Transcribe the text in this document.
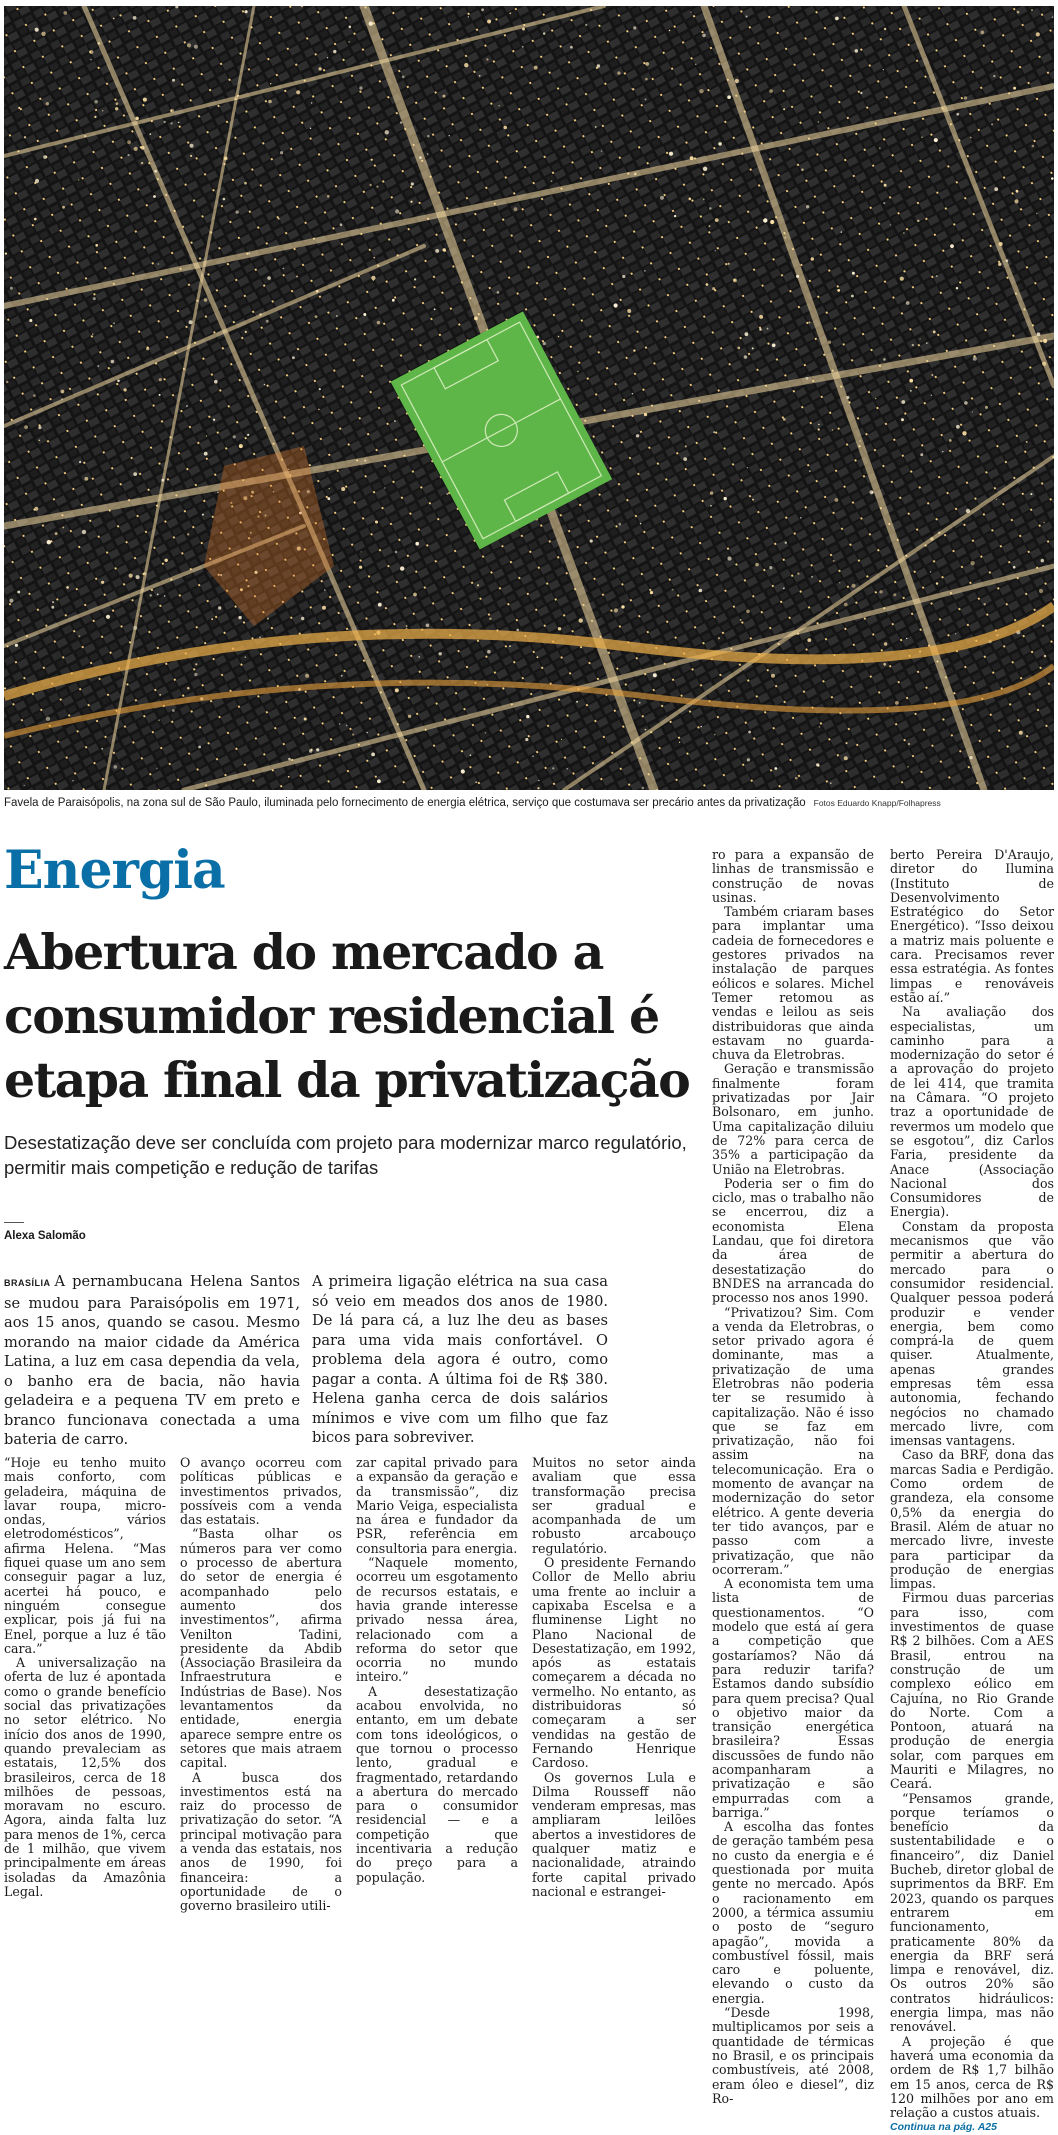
Favela de Paraisópolis, na zona sul de São Paulo, iluminada pelo fornecimento de energia elétrica, serviço que costumava ser precário antes da privatização Fotos Eduardo Knapp/Folhapress
Energia
Abertura do mercado a consumidor residencial é etapa final da privatização
Desestatização deve ser concluída com projeto para modernizar marco regulatório, permitir mais competição e redução de tarifas
Alexa Salomão
BRASÍLIA A pernambucana Helena Santos se mudou para Paraisópolis em 1971, aos 15 anos, quando se casou. Mesmo morando na maior cidade da América Latina, a luz em casa dependia da vela, o banho era de bacia, não havia geladeira e a pequena TV em preto e branco funcionava conectada a uma bateria de carro.
A primeira ligação elétrica na sua casa só veio em meados dos anos de 1980. De lá para cá, a luz lhe deu as bases para uma vida mais confortável. O problema dela agora é outro, como pagar a conta. A última foi de R$ 380. Helena ganha cerca de dois salários mínimos e vive com um filho que faz bicos para sobreviver.

“Hoje eu tenho muito mais conforto, com geladeira, máquina de lavar roupa, micro-ondas, vários eletrodomésticos”, afirma Helena. “Mas fiquei quase um ano sem conseguir pagar a luz, acertei há pouco, e ninguém consegue explicar, pois já fui na Enel, porque a luz é tão cara.”

A universalização na oferta de luz é apontada como o grande benefício social das privatizações no setor elétrico. No início dos anos de 1990, quando prevaleciam as estatais, 12,5% dos brasileiros, cerca de 18 milhões de pessoas, moravam no escuro. Agora, ainda falta luz para menos de 1%, cerca de 1 milhão, que vivem principalmente em áreas isoladas da Amazônia Legal.

O avanço ocorreu com políticas públicas e investimentos privados, possíveis com a venda das estatais.

“Basta olhar os números para ver como o processo de abertura do setor de energia é acompanhado pelo aumento dos investimentos”, afirma Venilton Tadini, presidente da Abdib (Associação Brasileira da Infraestrutura e Indústrias de Base). Nos levantamentos da entidade, energia aparece sempre entre os setores que mais atraem capital.

A busca dos investimentos está na raiz do processo de privatização do setor. “A principal motivação para a venda das estatais, nos anos de 1990, foi financeira: a oportunidade de o governo brasileiro utili-

zar capital privado para a expansão da geração e da transmissão”, diz Mario Veiga, especialista na área e fundador da PSR, referência em consultoria para energia.

“Naquele momento, ocorreu um esgotamento de recursos estatais, e havia grande interesse privado nessa área, relacionado com a reforma do setor que ocorria no mundo inteiro.”

A desestatização acabou envolvida, no entanto, em um debate com tons ideológicos, o que tornou o processo lento, gradual e fragmentado, retardando a abertura do mercado para o consumidor residencial — e a competição que incentivaria a redução do preço para a população.

Muitos no setor ainda avaliam que essa transformação precisa ser gradual e acompanhada de um robusto arcabouço regulatório.

O presidente Fernando Collor de Mello abriu uma frente ao incluir a capixaba Escelsa e a fluminense Light no Plano Nacional de Desestatização, em 1992, após as estatais começarem a década no vermelho. No entanto, as distribuidoras só começaram a ser vendidas na gestão de Fernando Henrique Cardoso.

Os governos Lula e Dilma Rousseff não venderam empresas, mas ampliaram leilões abertos a investidores de qualquer matiz e nacionalidade, atraindo forte capital privado nacional e estrangei-

ro para a expansão de linhas de transmissão e construção de novas usinas.

Também criaram bases para implantar uma cadeia de fornecedores e gestores privados na instalação de parques eólicos e solares. Michel Temer retomou as vendas e leilou as seis distribuidoras que ainda estavam no guarda-chuva da Eletrobras.

Geração e transmissão finalmente foram privatizadas por Jair Bolsonaro, em junho. Uma capitalização diluiu de 72% para cerca de 35% a participação da União na Eletrobras.

Poderia ser o fim do ciclo, mas o trabalho não se encerrou, diz a economista Elena Landau, que foi diretora da área de desestatização do BNDES na arrancada do processo nos anos 1990.

“Privatizou? Sim. Com a venda da Eletrobras, o setor privado agora é dominante, mas a privatização de uma Eletrobras não poderia ter se resumido à capitalização. Não é isso que se faz em privatização, não foi assim na telecomunicação. Era o momento de avançar na modernização do setor elétrico. A gente deveria ter tido avanços, par e passo com a privatização, que não ocorreram.”

A economista tem uma lista de questionamentos. “O modelo que está aí gera a competição que gostaríamos? Não dá para reduzir tarifa? Estamos dando subsídio para quem precisa? Qual o objetivo maior da transição energética brasileira? Essas discussões de fundo não acompanharam a privatização e são empurradas com a barriga.”

A escolha das fontes de geração também pesa no custo da energia e é questionada por muita gente no mercado. Após o racionamento em 2000, a térmica assumiu o posto de “seguro apagão”, movida a combustível fóssil, mais caro e poluente, elevando o custo da energia.

“Desde 1998, multiplicamos por seis a quantidade de térmicas no Brasil, e os principais combustíveis, até 2008, eram óleo e diesel”, diz Ro-

berto Pereira D'Araujo, diretor do Ilumina (Instituto de Desenvolvimento Estratégico do Setor Energético). “Isso deixou a matriz mais poluente e cara. Precisamos rever essa estratégia. As fontes limpas e renováveis estão aí.”

Na avaliação dos especialistas, um caminho para a modernização do setor é a aprovação do projeto de lei 414, que tramita na Câmara. “O projeto traz a oportunidade de revermos um modelo que se esgotou”, diz Carlos Faria, presidente da Anace (Associação Nacional dos Consumidores de Energia).

Constam da proposta mecanismos que vão permitir a abertura do mercado para o consumidor residencial. Qualquer pessoa poderá produzir e vender energia, bem como comprá-la de quem quiser. Atualmente, apenas grandes empresas têm essa autonomia, fechando negócios no chamado mercado livre, com imensas vantagens.

Caso da BRF, dona das marcas Sadia e Perdigão. Como ordem de grandeza, ela consome 0,5% da energia do Brasil. Além de atuar no mercado livre, investe para participar da produção de energias limpas.

Firmou duas parcerias para isso, com investimentos de quase R$ 2 bilhões. Com a AES Brasil, entrou na construção de um complexo eólico em Cajuína, no Rio Grande do Norte. Com a Pontoon, atuará na produção de energia solar, com parques em Mauriti e Milagres, no Ceará.

“Pensamos grande, porque teríamos o benefício da sustentabilidade e o financeiro”, diz Daniel Bucheb, diretor global de suprimentos da BRF. Em 2023, quando os parques entrarem em funcionamento, praticamente 80% da energia da BRF será limpa e renovável, diz. Os outros 20% são contratos hidráulicos: energia limpa, mas não renovável.

A projeção é que haverá uma economia da ordem de R$ 1,7 bilhão em 15 anos, cerca de R$ 120 milhões por ano em relação a custos atuais.

Continua na pág. A25
